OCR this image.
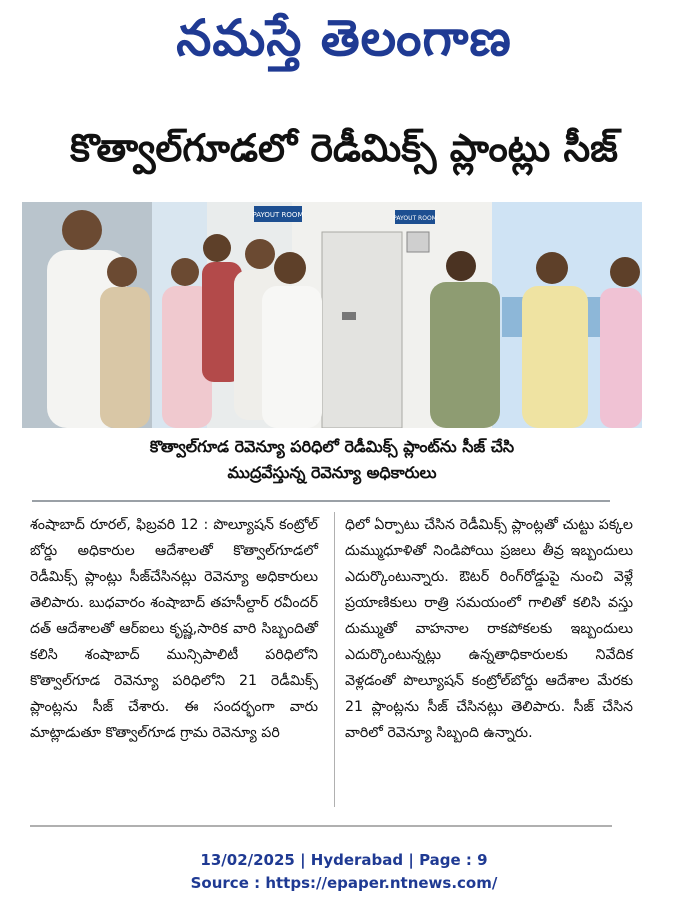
నమస్తే తెలంగాణ
కొత్వాల్‌గూడలో రెడీమిక్స్ ప్లాంట్లు సీజ్
PAYOUT ROOM	PAYOUT ROOM
కొత్వాల్‌గూడ రెవెన్యూ పరిధిలో రెడీమిక్స్ ప్లాంట్‌ను సీజ్ చేసి
ముద్రవేస్తున్న రెవెన్యూ అధికారులు
శంషాబాద్ రూరల్, ఫిబ్రవరి 12 : పొల్యూషన్ కంట్రోల్ బోర్డు అధికారుల ఆదేశాలతో కొత్వాల్‌గూడలో రెడీమిక్స్ ప్లాంట్లు సీజ్‌చేసినట్లు రెవెన్యూ అధికారులు తెలిపారు. బుధవారం శంషాబాద్ తహసీల్దార్ రవీందర్ దత్ ఆదేశాలతో ఆర్‌ఐలు కృష్ణ,సారిక వారి సిబ్బందితో కలిసి శంషాబాద్ మున్సిపాలిటీ పరిధిలోని కొత్వాల్‌గూడ రెవెన్యూ పరిధిలోని 21 రెడీమిక్స్ ప్లాంట్లను సీజ్ చేశారు. ఈ సందర్భంగా వారు మాట్లాడుతూ కొత్వాల్‌గూడ గ్రామ రెవెన్యూ పరి
ధిలో ఏర్పాటు చేసిన రెడీమిక్స్ ప్లాంట్లతో చుట్టు పక్కల దుమ్ముధూళితో నిండిపోయి ప్రజలు తీవ్ర ఇబ్బందులు ఎదుర్కొంటున్నారు. ఔటర్ రింగ్‌రోడ్డుపై నుంచి వెళ్లే ప్రయాణికులు రాత్రి సమయంలో గాలితో కలిసి వస్తు దుమ్ముతో వాహనాల రాకపోకలకు ఇబ్బందులు ఎదుర్కొంటున్నట్లు ఉన్నతాధికారులకు నివేదిక వెళ్లడంతో పొల్యూషన్ కంట్రోల్‌బోర్డు ఆదేశాల మేరకు 21 ప్లాంట్లను సీజ్ చేసినట్లు తెలిపారు. సీజ్ చేసిన వారిలో రెవెన్యూ సిబ్బంది ఉన్నారు.
13/02/2025 | Hyderabad | Page : 9
Source : https://epaper.ntnews.com/
